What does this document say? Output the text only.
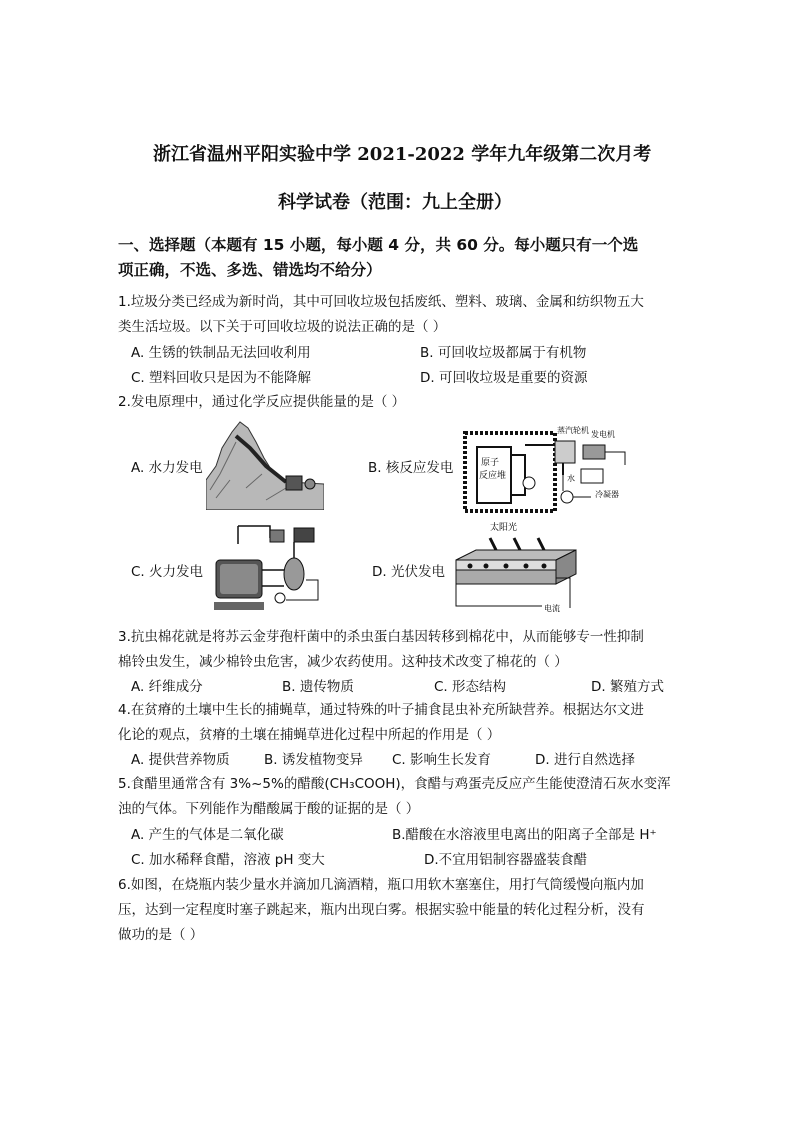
浙江省温州平阳实验中学 2021-2022 学年九年级第二次月考
科学试卷（范围：九上全册）
一、选择题（本题有 15 小题，每小题 4 分，共 60 分。每小题只有一个选
项正确，不选、多选、错选均不给分）
1.垃圾分类已经成为新时尚，其中可回收垃圾包括废纸、塑料、玻璃、金属和纺织物五大
类生活垃圾。以下关于可回收垃圾的说法正确的是（ ）
A. 生锈的铁制品无法回收利用	B. 可回收垃圾都属于有机物
C. 塑料回收只是因为不能降解	D. 可回收垃圾是重要的资源
2.发电原理中，通过化学反应提供能量的是（ ）
A. 水力发电	B. 核反应发电	原子
反应堆
蒸汽轮机 发电机
水
冷凝器
C. 火力发电	D. 光伏发电
太阳光
电流
3.抗虫棉花就是将苏云金芽孢杆菌中的杀虫蛋白基因转移到棉花中，从而能够专一性抑制
棉铃虫发生，减少棉铃虫危害，减少农药使用。这种技术改变了棉花的（ ）
A. 纤维成分	B. 遗传物质	C. 形态结构	D. 繁殖方式
4.在贫瘠的土壤中生长的捕蝇草，通过特殊的叶子捕食昆虫补充所缺营养。根据达尔文进
化论的观点，贫瘠的土壤在捕蝇草进化过程中所起的作用是（ ）
A. 提供营养物质	B. 诱发植物变异 C. 影响生长发育	D. 进行自然选择
5.食醋里通常含有 3%~5%的醋酸(CH₃COOH)，食醋与鸡蛋壳反应产生能使澄清石灰水变浑
浊的气体。下列能作为醋酸属于酸的证据的是（ ）
A. 产生的气体是二氧化碳	B.醋酸在水溶液里电离出的阳离子全部是 H⁺
C. 加水稀释食醋，溶液 pH 变大	D.不宜用铝制容器盛装食醋
6.如图，在烧瓶内装少量水并滴加几滴酒精，瓶口用软木塞塞住，用打气筒缓慢向瓶内加
压，达到一定程度时塞子跳起来，瓶内出现白雾。根据实验中能量的转化过程分析，没有
做功的是（ ）
